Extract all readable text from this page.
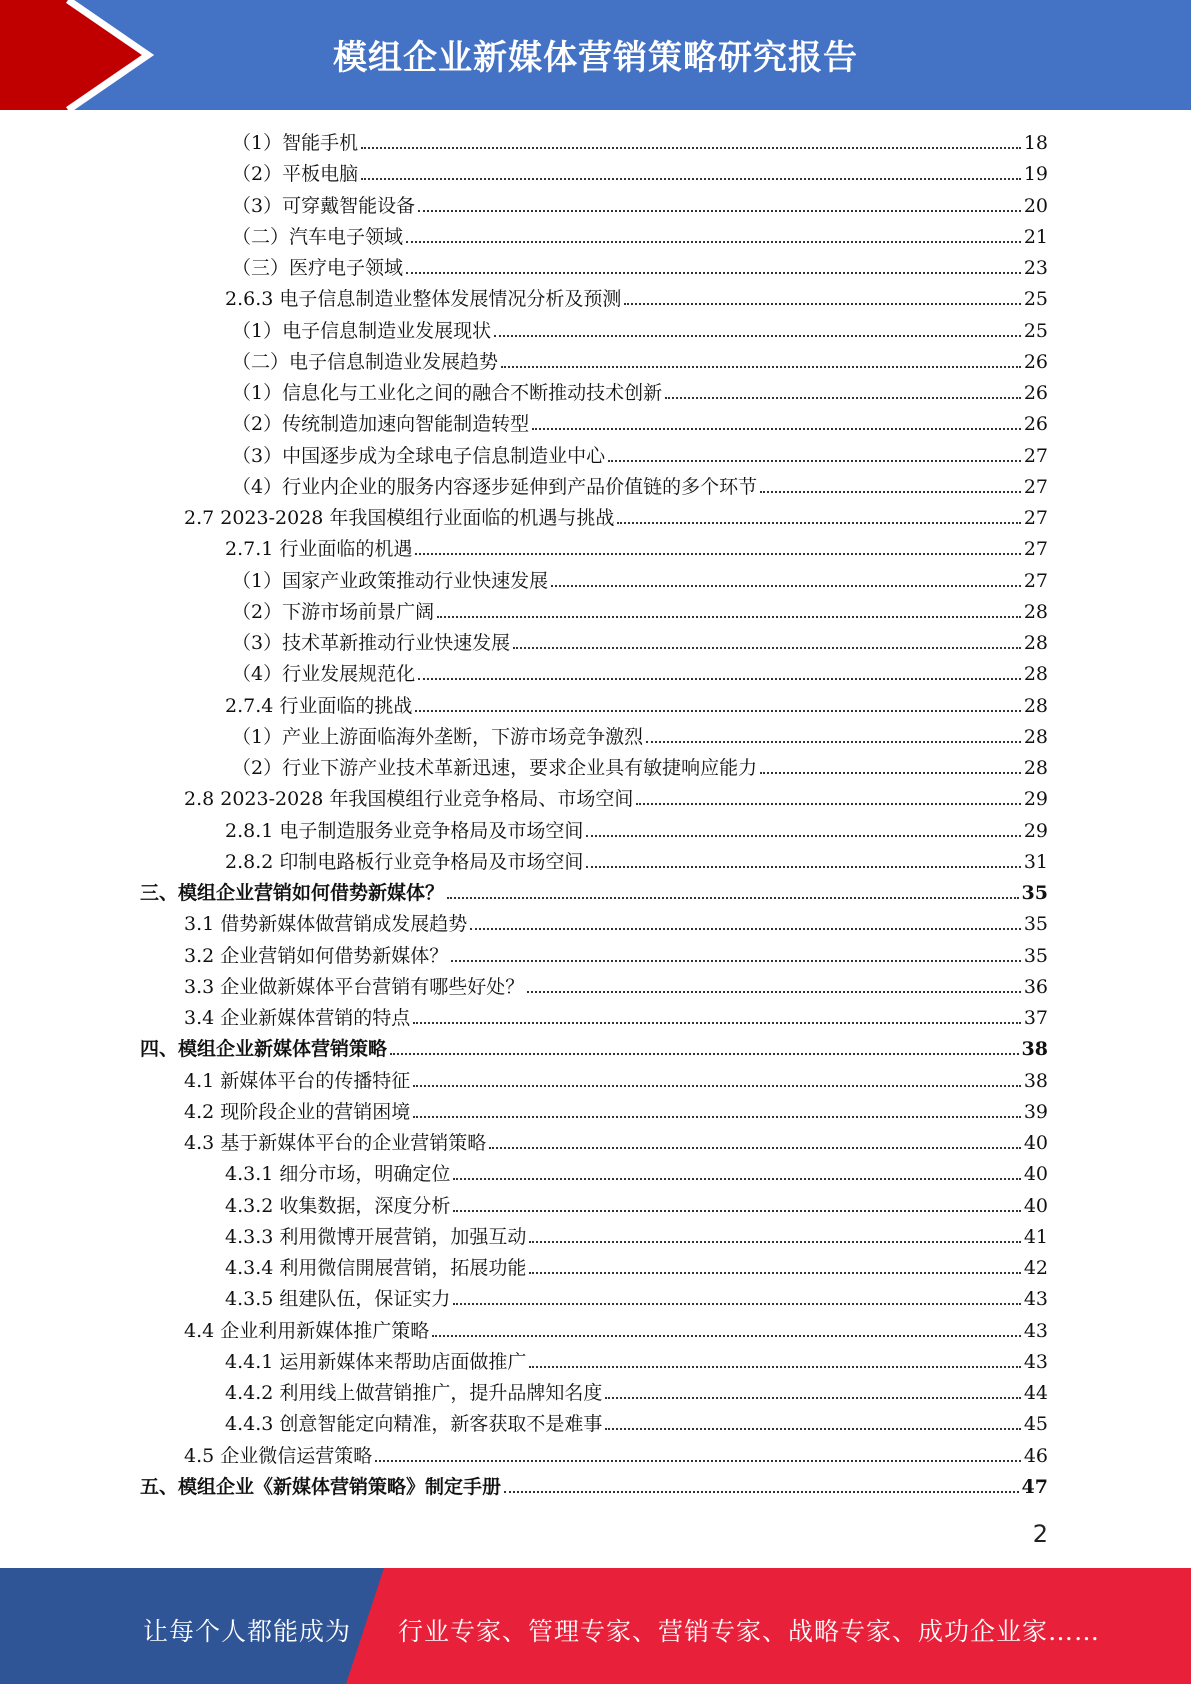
模组企业新媒体营销策略研究报告
（1）智能手机	18
（2）平板电脑	19
（3）可穿戴智能设备	20
（二）汽车电子领域	21
（三）医疗电子领域	23
2.6.3 电子信息制造业整体发展情况分析及预测	25
（1）电子信息制造业发展现状	25
（二）电子信息制造业发展趋势	26
（1）信息化与工业化之间的融合不断推动技术创新	26
（2）传统制造加速向智能制造转型	26
（3）中国逐步成为全球电子信息制造业中心	27
（4）行业内企业的服务内容逐步延伸到产品价值链的多个环节	27
2.7 2023-2028 年我国模组行业面临的机遇与挑战	27
2.7.1 行业面临的机遇	27
（1）国家产业政策推动行业快速发展	27
（2）下游市场前景广阔	28
（3）技术革新推动行业快速发展	28
（4）行业发展规范化	28
2.7.4 行业面临的挑战	28
（1）产业上游面临海外垄断，下游市场竞争激烈	28
（2）行业下游产业技术革新迅速，要求企业具有敏捷响应能力	28
2.8 2023-2028 年我国模组行业竞争格局、市场空间	29
2.8.1 电子制造服务业竞争格局及市场空间	29
2.8.2 印制电路板行业竞争格局及市场空间	31
三、模组企业营销如何借势新媒体？	35
3.1 借势新媒体做营销成发展趋势	35
3.2 企业营销如何借势新媒体？	35
3.3 企业做新媒体平台营销有哪些好处？	36
3.4 企业新媒体营销的特点	37
四、模组企业新媒体营销策略	38
4.1 新媒体平台的传播特征	38
4.2 现阶段企业的营销困境	39
4.3 基于新媒体平台的企业营销策略	40
4.3.1 细分市场，明确定位	40
4.3.2 收集数据，深度分析	40
4.3.3 利用微博开展营销，加强互动	41
4.3.4 利用微信開展营销，拓展功能	42
4.3.5 组建队伍，保证实力	43
4.4 企业利用新媒体推广策略	43
4.4.1 运用新媒体来帮助店面做推广	43
4.4.2 利用线上做营销推广，提升品牌知名度	44
4.4.3 创意智能定向精准，新客获取不是难事	45
4.5 企业微信运营策略	46
五、模组企业《新媒体营销策略》制定手册	47
2
让每个人都能成为 行业专家、管理专家、营销专家、战略专家、成功企业家……
